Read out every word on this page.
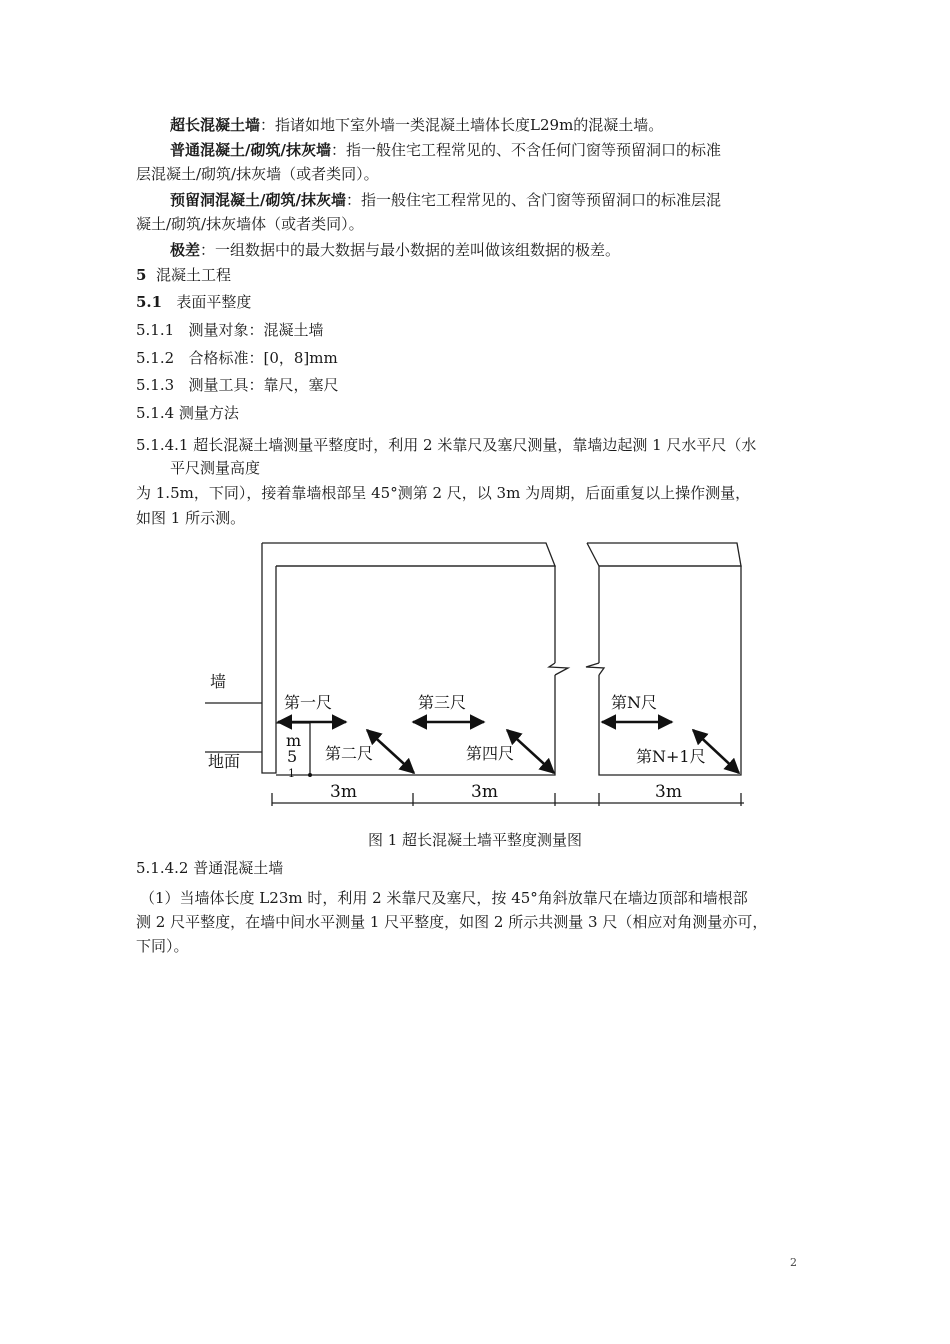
超长混凝土墙：指诸如地下室外墙一类混凝土墙体长度L29m的混凝土墙。
普通混凝土/砌筑/抹灰墙：指一般住宅工程常见的、不含任何门窗等预留洞口的标准
层混凝土/砌筑/抹灰墙（或者类同）。
预留洞混凝土/砌筑/抹灰墙：指一般住宅工程常见的、含门窗等预留洞口的标准层混
凝土/砌筑/抹灰墙体（或者类同）。
极差：一组数据中的最大数据与最小数据的差叫做该组数据的极差。
5 混凝土工程
5.1 表面平整度
5.1.1 测量对象：混凝土墙
5.1.2 合格标准：[0，8]mm
5.1.3 测量工具：靠尺，塞尺
5.1.4 测量方法
5.1.4.1 超长混凝土墙测量平整度时，利用 2 米靠尺及塞尺测量，靠墙边起测 1 尺水平尺（水
平尺测量高度
为 1.5m，下同），接着靠墙根部呈 45°测第 2 尺，以 3m 为周期，后面重复以上操作测量，
如图 1 所示测。
墙
地面
第一尺
第二尺
第三尺
第四尺
第N尺
第N+1尺
m
5
1
3m	3m	3m
图 1 超长混凝土墙平整度测量图
5.1.4.2 普通混凝土墙
（1）当墙体长度 L23m 时，利用 2 米靠尺及塞尺，按 45°角斜放靠尺在墙边顶部和墙根部
测 2 尺平整度，在墙中间水平测量 1 尺平整度，如图 2 所示共测量 3 尺（相应对角测量亦可，
下同）。
2
